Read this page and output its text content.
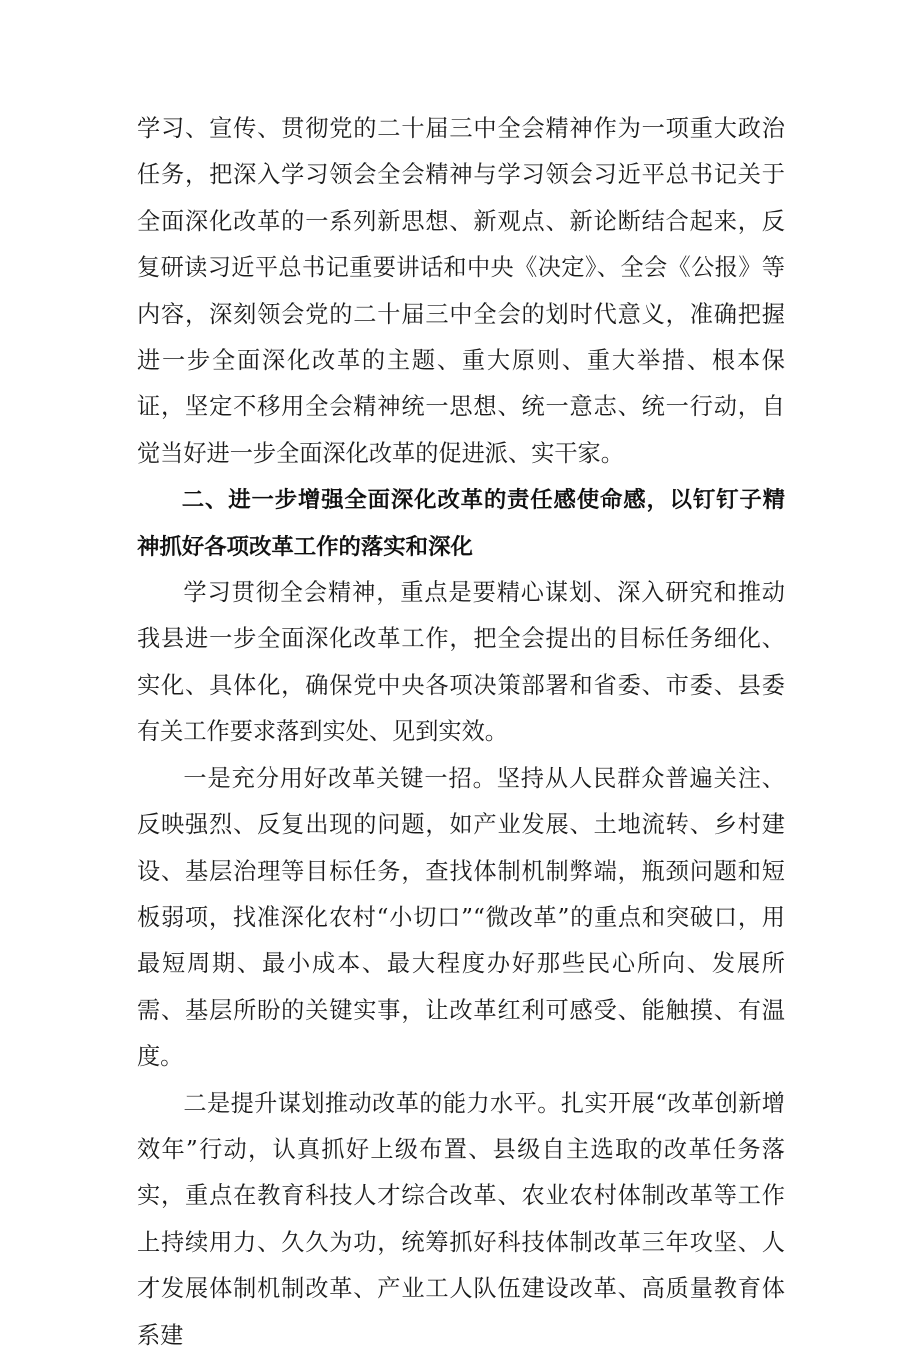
学习、宣传、贯彻党的二十届三中全会精神作为一项重大政治任务，把深入学习领会全会精神与学习领会习近平总书记关于全面深化改革的一系列新思想、新观点、新论断结合起来，反复研读习近平总书记重要讲话和中央《决定》、全会《公报》等内容，深刻领会党的二十届三中全会的划时代意义，准确把握进一步全面深化改革的主题、重大原则、重大举措、根本保证，坚定不移用全会精神统一思想、统一意志、统一行动，自觉当好进一步全面深化改革的促进派、实干家。

二、进一步增强全面深化改革的责任感使命感，以钉钉子精神抓好各项改革工作的落实和深化

学习贯彻全会精神，重点是要精心谋划、深入研究和推动我县进一步全面深化改革工作，把全会提出的目标任务细化、实化、具体化，确保党中央各项决策部署和省委、市委、县委有关工作要求落到实处、见到实效。

一是充分用好改革关键一招。坚持从人民群众普遍关注、反映强烈、反复出现的问题，如产业发展、土地流转、乡村建设、基层治理等目标任务，查找体制机制弊端，瓶颈问题和短板弱项，找准深化农村“小切口”“微改革”的重点和突破口，用最短周期、最小成本、最大程度办好那些民心所向、发展所需、基层所盼的关键实事，让改革红利可感受、能触摸、有温度。

二是提升谋划推动改革的能力水平。扎实开展“改革创新增效年”行动，认真抓好上级布置、县级自主选取的改革任务落实，重点在教育科技人才综合改革、农业农村体制改革等工作上持续用力、久久为功，统筹抓好科技体制改革三年攻坚、人才发展体制机制改革、产业工人队伍建设改革、高质量教育体系建
